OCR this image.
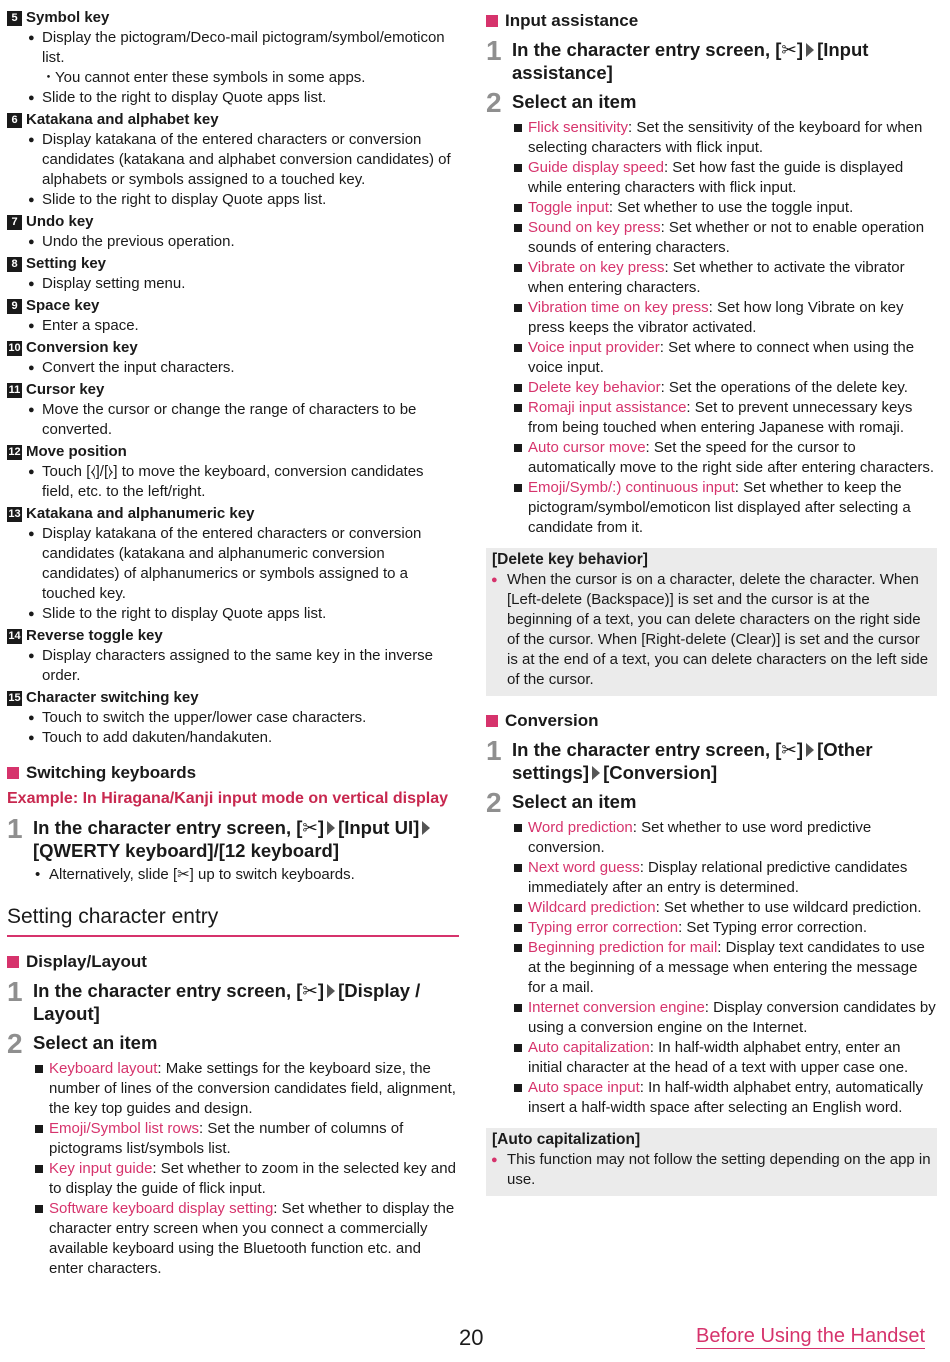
5 Symbol key
● Display the pictogram/Deco-mail pictogram/symbol/emoticon list.
・ You cannot enter these symbols in some apps.
● Slide to the right to display Quote apps list.
6 Katakana and alphabet key
● Display katakana of the entered characters or conversion candidates (katakana and alphabet conversion candidates) of alphabets or symbols assigned to a touched key.
● Slide to the right to display Quote apps list.
7 Undo key
● Undo the previous operation.
8 Setting key
● Display setting menu.
9 Space key
● Enter a space.
10 Conversion key
● Convert the input characters.
11 Cursor key
● Move the cursor or change the range of characters to be converted.
12 Move position
● Touch [⧼]/[⧽] to move the keyboard, conversion candidates field, etc. to the left/right.
13 Katakana and alphanumeric key
● Display katakana of the entered characters or conversion candidates (katakana and alphanumeric conversion candidates) of alphanumerics or symbols assigned to a touched key.
● Slide to the right to display Quote apps list.
14 Reverse toggle key
● Display characters assigned to the same key in the inverse order.
15 Character switching key
● Touch to switch the upper/lower case characters.
● Touch to add dakuten/handakuten.
Switching keyboards
Example: In Hiragana/Kanji input mode on vertical display
1 In the character entry screen, [✂] [Input UI][QWERTY keyboard]/[12 keyboard]
• Alternatively, slide [✂] up to switch keyboards.
Setting character entry
Display/Layout
1 In the character entry screen, [✂] [Display / Layout]
2 Select an item
Keyboard layout: Make settings for the keyboard size, the number of lines of the conversion candidates field, alignment, the key top guides and design.
Emoji/Symbol list rows: Set the number of columns of pictograms list/symbols list.
Key input guide: Set whether to zoom in the selected key and to display the guide of flick input.
Software keyboard display setting: Set whether to display the character entry screen when you connect a commercially available keyboard using the Bluetooth function etc. and enter characters.
Input assistance
1 In the character entry screen, [✂] [Input assistance]
2 Select an item
Flick sensitivity: Set the sensitivity of the keyboard for when selecting characters with flick input.
Guide display speed: Set how fast the guide is displayed while entering characters with flick input.
Toggle input: Set whether to use the toggle input.
Sound on key press: Set whether or not to enable operation sounds of entering characters.
Vibrate on key press: Set whether to activate the vibrator when entering characters.
Vibration time on key press: Set how long Vibrate on key press keeps the vibrator activated.
Voice input provider: Set where to connect when using the voice input.
Delete key behavior: Set the operations of the delete key.
Romaji input assistance: Set to prevent unnecessary keys from being touched when entering Japanese with romaji.
Auto cursor move: Set the speed for the cursor to automatically move to the right side after entering characters.
Emoji/Symb/:) continuous input: Set whether to keep the pictogram/symbol/emoticon list displayed after selecting a candidate from it.
[Delete key behavior]
● When the cursor is on a character, delete the character. When [Left-delete (Backspace)] is set and the cursor is at the beginning of a text, you can delete characters on the right side of the cursor. When [Right-delete (Clear)] is set and the cursor is at the end of a text, you can delete characters on the left side of the cursor.
Conversion
1 In the character entry screen, [✂] [Other settings] [Conversion]
2 Select an item
Word prediction: Set whether to use word predictive conversion.
Next word guess: Display relational predictive candidates immediately after an entry is determined.
Wildcard prediction: Set whether to use wildcard prediction.
Typing error correction: Set Typing error correction.
Beginning prediction for mail: Display text candidates to use at the beginning of a message when entering the message for a mail.
Internet conversion engine: Display conversion candidates by using a conversion engine on the Internet.
Auto capitalization: In half-width alphabet entry, enter an initial character at the head of a text with upper case one.
Auto space input: In half-width alphabet entry, automatically insert a half-width space after selecting an English word.
[Auto capitalization]
● This function may not follow the setting depending on the app in use.
20	Before Using the Handset
